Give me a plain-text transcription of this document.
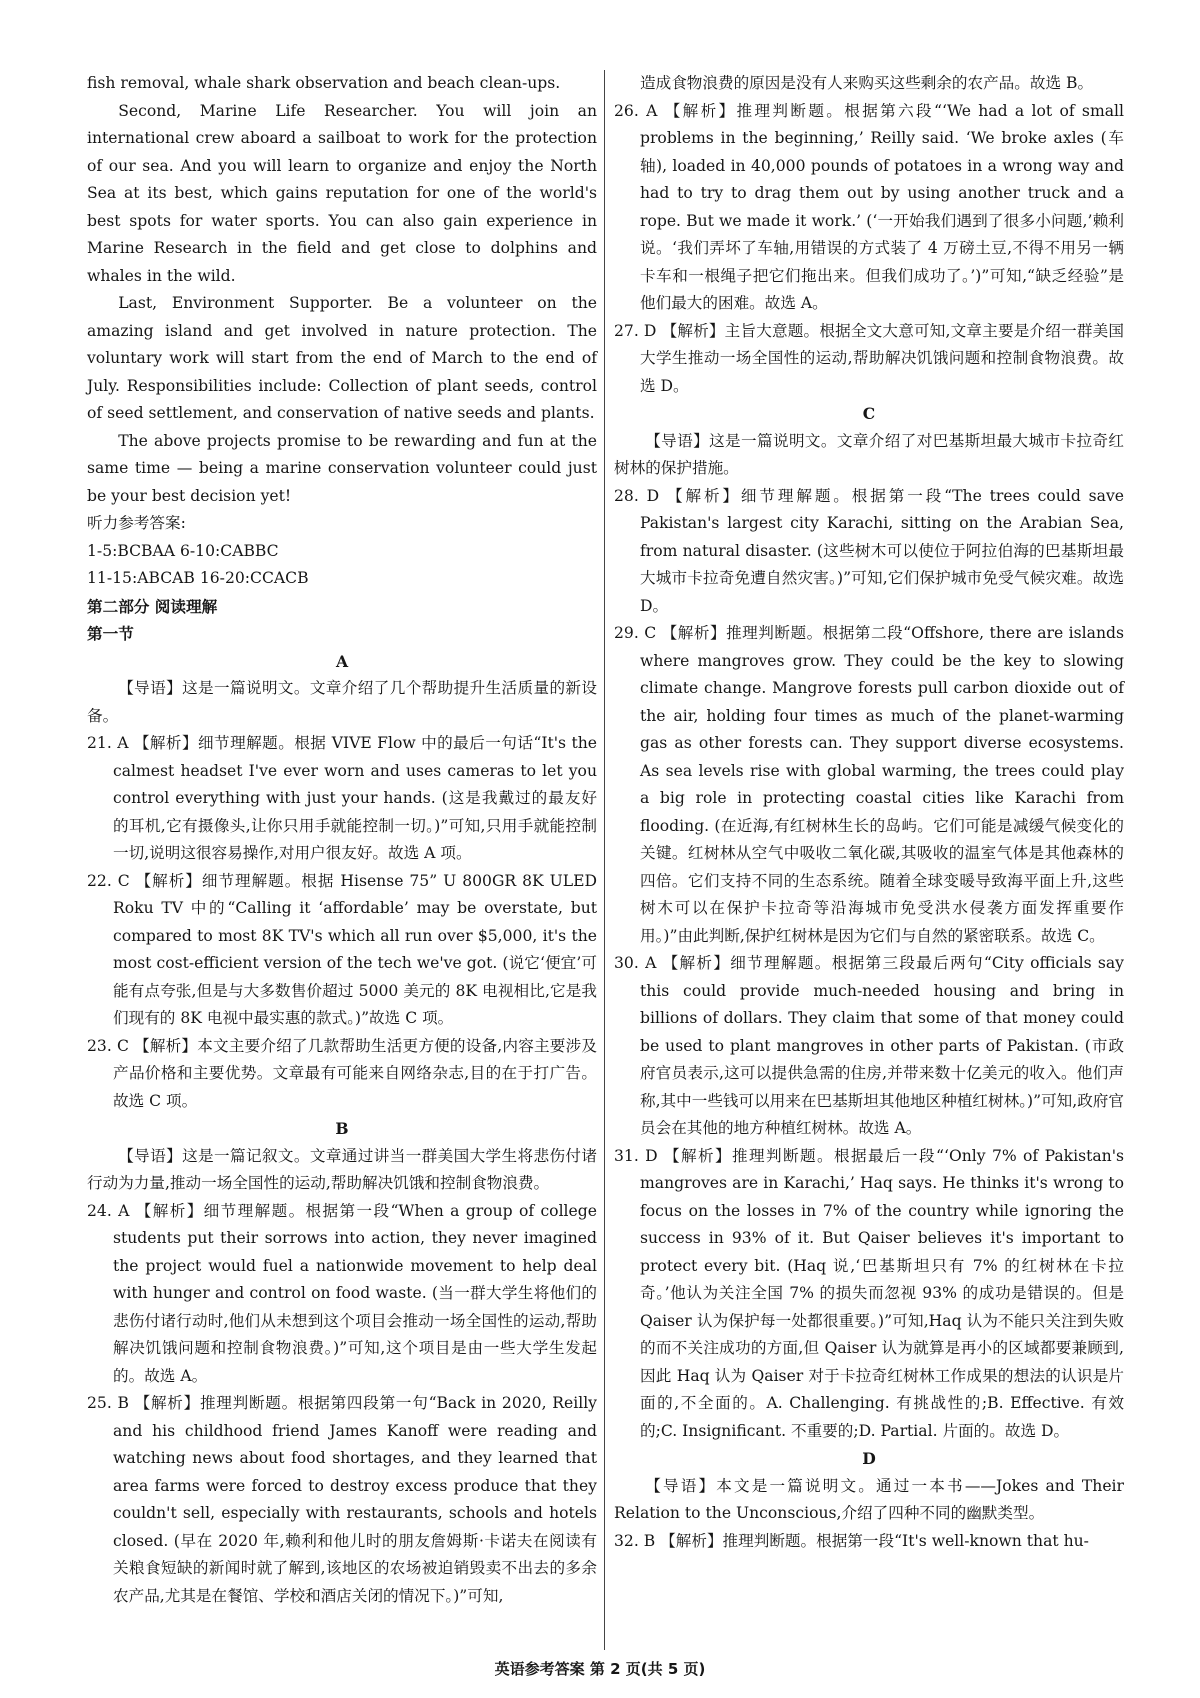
fish removal, whale shark observation and beach clean-ups.

Second, Marine Life Researcher. You will join an international crew aboard a sailboat to work for the protection of our sea. And you will learn to organize and enjoy the North Sea at its best, which gains reputation for one of the world's best spots for water sports. You can also gain experience in Marine Research in the field and get close to dolphins and whales in the wild.

Last, Environment Supporter. Be a volunteer on the amazing island and get involved in nature protection. The voluntary work will start from the end of March to the end of July. Responsibilities include: Collection of plant seeds, control of seed settlement, and conservation of native seeds and plants.

The above projects promise to be rewarding and fun at the same time — being a marine conservation volunteer could just be your best decision yet!

听力参考答案:

1-5:BCBAA 6-10:CABBC

11-15:ABCAB 16-20:CCACB

第二部分 阅读理解

第一节

A

【导语】这是一篇说明文。文章介绍了几个帮助提升生活质量的新设备。

21. A 【解析】细节理解题。根据 VIVE Flow 中的最后一句话“It's the calmest headset I've ever worn and uses cameras to let you control everything with just your hands. (这是我戴过的最友好的耳机,它有摄像头,让你只用手就能控制一切。)”可知,只用手就能控制一切,说明这很容易操作,对用户很友好。故选 A 项。

22. C 【解析】细节理解题。根据 Hisense 75” U 800GR 8K ULED Roku TV 中的“Calling it ‘affordable’ may be overstate, but compared to most 8K TV's which all run over $5,000, it's the most cost-efficient version of the tech we've got. (说它‘便宜’可能有点夸张,但是与大多数售价超过 5000 美元的 8K 电视相比,它是我们现有的 8K 电视中最实惠的款式。)”故选 C 项。

23. C 【解析】本文主要介绍了几款帮助生活更方便的设备,内容主要涉及产品价格和主要优势。文章最有可能来自网络杂志,目的在于打广告。故选 C 项。

B

【导语】这是一篇记叙文。文章通过讲当一群美国大学生将悲伤付诸行动为力量,推动一场全国性的运动,帮助解决饥饿和控制食物浪费。

24. A 【解析】细节理解题。根据第一段“When a group of college students put their sorrows into action, they never imagined the project would fuel a nationwide movement to help deal with hunger and control on food waste. (当一群大学生将他们的悲伤付诸行动时,他们从未想到这个项目会推动一场全国性的运动,帮助解决饥饿问题和控制食物浪费。)”可知,这个项目是由一些大学生发起的。故选 A。

25. B 【解析】推理判断题。根据第四段第一句“Back in 2020, Reilly and his childhood friend James Kanoff were reading and watching news about food shortages, and they learned that area farms were forced to destroy excess produce that they couldn't sell, especially with restaurants, schools and hotels closed. (早在 2020 年,赖利和他儿时的朋友詹姆斯·卡诺夫在阅读有关粮食短缺的新闻时就了解到,该地区的农场被迫销毁卖不出去的多余农产品,尤其是在餐馆、学校和酒店关闭的情况下。)”可知,

造成食物浪费的原因是没有人来购买这些剩余的农产品。故选 B。

26. A 【解析】推理判断题。根据第六段“‘We had a lot of small problems in the beginning,’ Reilly said. ‘We broke axles (车轴), loaded in 40,000 pounds of potatoes in a wrong way and had to try to drag them out by using another truck and a rope. But we made it work.’ (‘一开始我们遇到了很多小问题,’赖利说。‘我们弄坏了车轴,用错误的方式装了 4 万磅土豆,不得不用另一辆卡车和一根绳子把它们拖出来。但我们成功了。’)”可知,“缺乏经验”是他们最大的困难。故选 A。

27. D 【解析】主旨大意题。根据全文大意可知,文章主要是介绍一群美国大学生推动一场全国性的运动,帮助解决饥饿问题和控制食物浪费。故选 D。

C

【导语】这是一篇说明文。文章介绍了对巴基斯坦最大城市卡拉奇红树林的保护措施。

28. D 【解析】细节理解题。根据第一段“The trees could save Pakistan's largest city Karachi, sitting on the Arabian Sea, from natural disaster. (这些树木可以使位于阿拉伯海的巴基斯坦最大城市卡拉奇免遭自然灾害。)”可知,它们保护城市免受气候灾难。故选 D。

29. C 【解析】推理判断题。根据第二段“Offshore, there are islands where mangroves grow. They could be the key to slowing climate change. Mangrove forests pull carbon dioxide out of the air, holding four times as much of the planet-warming gas as other forests can. They support diverse ecosystems. As sea levels rise with global warming, the trees could play a big role in protecting coastal cities like Karachi from flooding. (在近海,有红树林生长的岛屿。它们可能是减缓气候变化的关键。红树林从空气中吸收二氧化碳,其吸收的温室气体是其他森林的四倍。它们支持不同的生态系统。随着全球变暖导致海平面上升,这些树木可以在保护卡拉奇等沿海城市免受洪水侵袭方面发挥重要作用。)”由此判断,保护红树林是因为它们与自然的紧密联系。故选 C。

30. A 【解析】细节理解题。根据第三段最后两句“City officials say this could provide much-needed housing and bring in billions of dollars. They claim that some of that money could be used to plant mangroves in other parts of Pakistan. (市政府官员表示,这可以提供急需的住房,并带来数十亿美元的收入。他们声称,其中一些钱可以用来在巴基斯坦其他地区种植红树林。)”可知,政府官员会在其他的地方种植红树林。故选 A。

31. D 【解析】推理判断题。根据最后一段“‘Only 7% of Pakistan's mangroves are in Karachi,’ Haq says. He thinks it's wrong to focus on the losses in 7% of the country while ignoring the success in 93% of it. But Qaiser believes it's important to protect every bit. (Haq 说,‘巴基斯坦只有 7% 的红树林在卡拉奇。’他认为关注全国 7% 的损失而忽视 93% 的成功是错误的。但是 Qaiser 认为保护每一处都很重要。)”可知,Haq 认为不能只关注到失败的而不关注成功的方面,但 Qaiser 认为就算是再小的区域都要兼顾到,因此 Haq 认为 Qaiser 对于卡拉奇红树林工作成果的想法的认识是片面的,不全面的。A. Challenging. 有挑战性的;B. Effective. 有效的;C. Insignificant. 不重要的;D. Partial. 片面的。故选 D。

D

【导语】本文是一篇说明文。通过一本书——Jokes and Their Relation to the Unconscious,介绍了四种不同的幽默类型。

32. B 【解析】推理判断题。根据第一段“It's well-known that hu-

英语参考答案 第 2 页(共 5 页)
